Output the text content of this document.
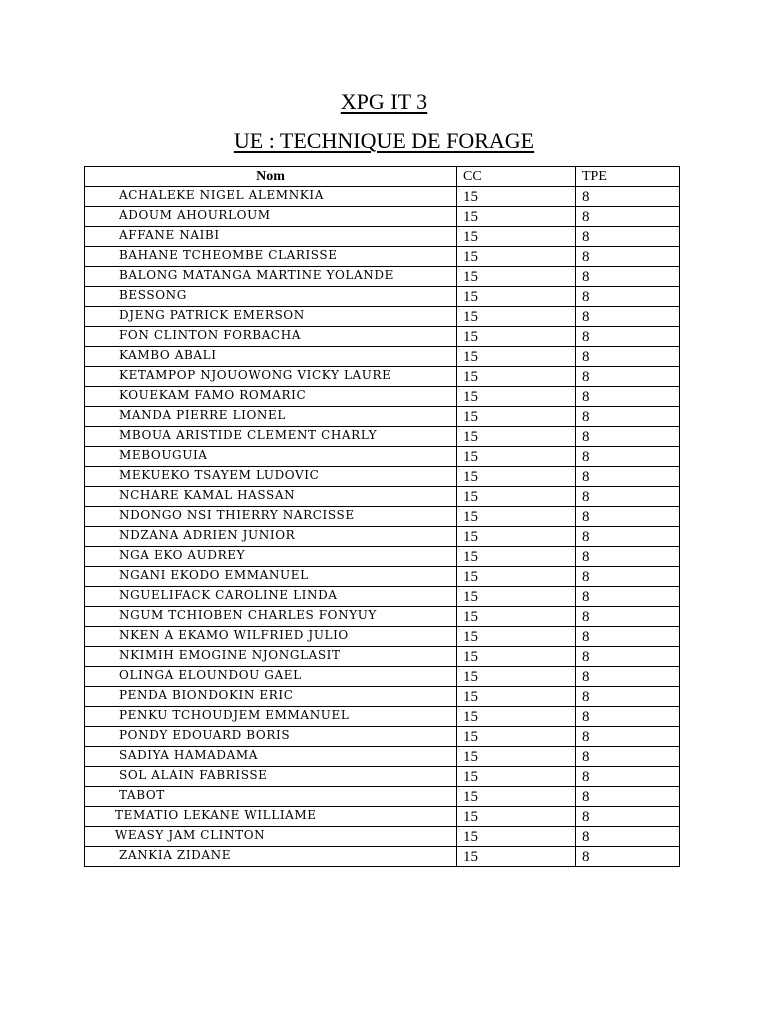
XPG IT 3
UE : TECHNIQUE DE FORAGE
Nom	CC	TPE
ACHALEKE NIGEL ALEMNKIA	15	8
ADOUM AHOURLOUM	15	8
AFFANE NAIBI	15	8
BAHANE TCHEOMBE CLARISSE	15	8
BALONG MATANGA MARTINE YOLANDE	15	8
BESSONG	15	8
DJENG PATRICK EMERSON	15	8
FON CLINTON FORBACHA	15	8
KAMBO ABALI	15	8
KETAMPOP NJOUOWONG VICKY LAURE	15	8
KOUEKAM FAMO ROMARIC	15	8
MANDA PIERRE LIONEL	15	8
MBOUA ARISTIDE CLEMENT CHARLY	15	8
MEBOUGUIA	15	8
MEKUEKO TSAYEM LUDOVIC	15	8
NCHARE KAMAL HASSAN	15	8
NDONGO NSI THIERRY NARCISSE	15	8
NDZANA ADRIEN JUNIOR	15	8
NGA EKO AUDREY	15	8
NGANI EKODO EMMANUEL	15	8
NGUELIFACK CAROLINE LINDA	15	8
NGUM TCHIOBEN CHARLES FONYUY	15	8
NKEN A EKAMO WILFRIED JULIO	15	8
NKIMIH EMOGINE NJONGLASIT	15	8
OLINGA ELOUNDOU GAEL	15	8
PENDA BIONDOKIN ERIC	15	8
PENKU TCHOUDJEM EMMANUEL	15	8
PONDY EDOUARD BORIS	15	8
SADIYA HAMADAMA	15	8
SOL ALAIN FABRISSE	15	8
TABOT	15	8
TEMATIO LEKANE WILLIAME	15	8
WEASY JAM CLINTON	15	8
ZANKIA ZIDANE	15	8
